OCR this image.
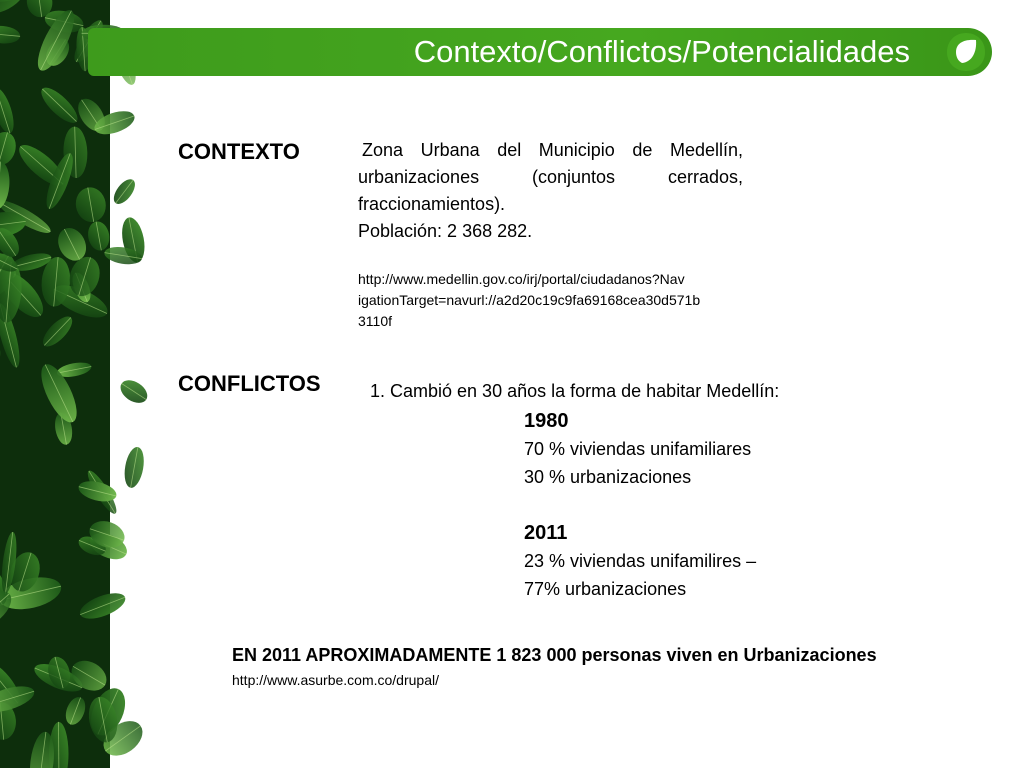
Contexto/Conflictos/Potencialidades
CONTEXTO	Zona Urbana del Municipio de Medellín,
urbanizaciones (conjuntos cerrados,
fraccionamientos).
Población: 2 368 282.
http://www.medellin.gov.co/irj/portal/ciudadanos?Nav
igationTarget=navurl://a2d20c19c9fa69168cea30d571b
3110f
CONFLICTOS	1. Cambió en 30 años la forma de habitar Medellín:
1980
70 % viviendas unifamiliares
30 % urbanizaciones
2011
23 % viviendas unifamilires –
77% urbanizaciones
EN 2011 APROXIMADAMENTE 1 823 000 personas viven en Urbanizaciones
http://www.asurbe.com.co/drupal/
